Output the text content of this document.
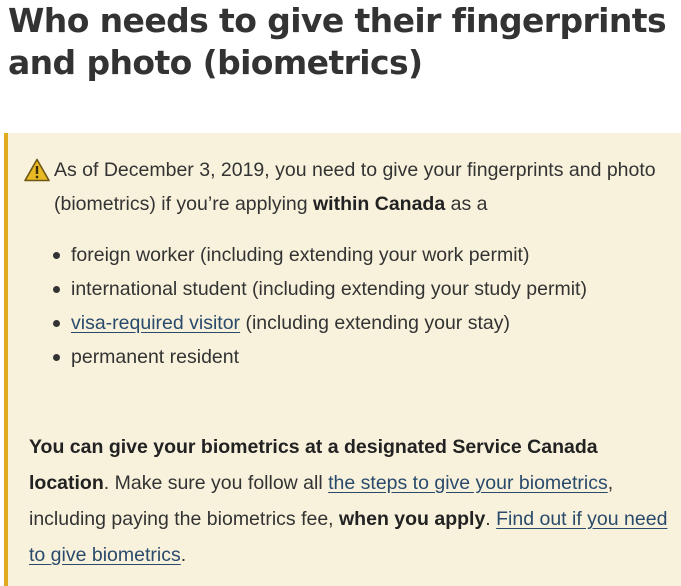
Who needs to give their fingerprints and photo (biometrics)

As of December 3, 2019, you need to give your fingerprints and photo (biometrics) if you’re applying within Canada as a

foreign worker (including extending your work permit)
international student (including extending your study permit)
visa-required visitor (including extending your stay)
permanent resident

You can give your biometrics at a designated Service Canada location. Make sure you follow all the steps to give your biometrics, including paying the biometrics fee, when you apply. Find out if you need to give biometrics.
